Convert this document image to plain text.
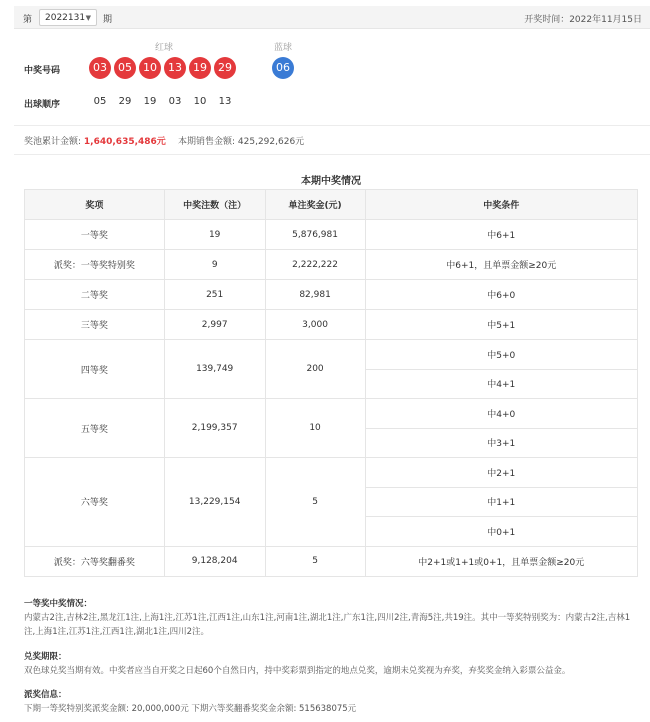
第 2022131 ▼ 期	开奖时间：2022年11月15日
红球	蓝球
中奖号码	03	05	10	13	19	29	06
出球顺序	05	29	19	03	10	13
奖池累计金额: 1,640,635,486元 本期销售金额: 425,292,626元
本期中奖情况
奖项	中奖注数（注）	单注奖金(元)	中奖条件
一等奖	19	5,876,981	中6+1
派奖：一等奖特别奖	9	2,222,222	中6+1，且单票金额≥20元
二等奖	251	82,981	中6+0
三等奖	2,997	3,000	中5+1
四等奖	139,749	200	中5+0
			中4+1
五等奖	2,199,357	10	中4+0
			中3+1
六等奖	13,229,154	5	中2+1
			中1+1
			中0+1
派奖：六等奖翻番奖	9,128,204	5	中2+1或1+1或0+1，且单票金额≥20元
一等奖中奖情况：
内蒙古2注,吉林2注,黑龙江1注,上海1注,江苏1注,江西1注,山东1注,河南1注,湖北1注,广东1注,四川2注,青海5注,共19注。其中一等奖特别奖为：内蒙古2注,吉林1注,上海1注,江苏1注,江西1注,湖北1注,四川2注。
兑奖期限：
双色球兑奖当期有效。中奖者应当自开奖之日起60个自然日内，持中奖彩票到指定的地点兑奖，逾期未兑奖视为弃奖，弃奖奖金纳入彩票公益金。
派奖信息：
下期一等奖特别奖派奖金额: 20,000,000元 下期六等奖翻番奖奖金余额: 515638075元
